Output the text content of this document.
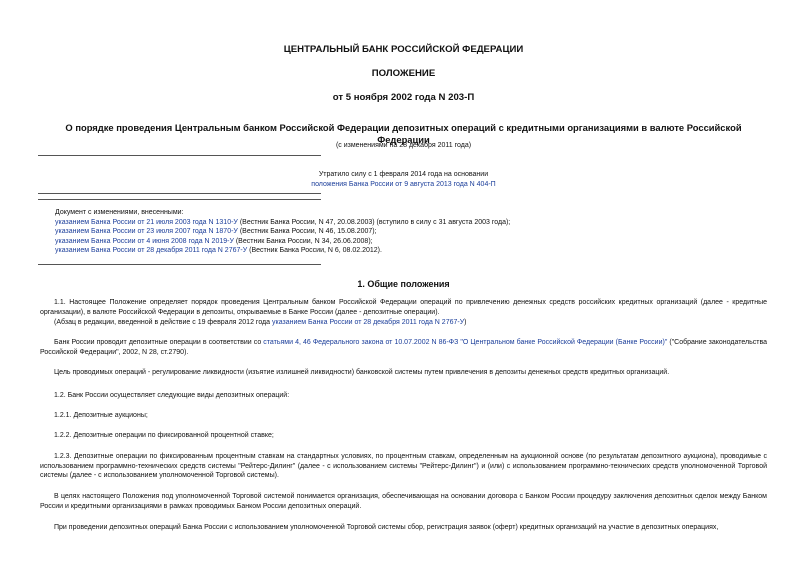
ЦЕНТРАЛЬНЫЙ БАНК РОССИЙСКОЙ ФЕДЕРАЦИИ
ПОЛОЖЕНИЕ
от 5 ноября 2002 года N 203-П
О порядке проведения Центральным банком Российской Федерации депозитных операций с кредитными организациями в валюте Российской Федерации
(с изменениями на 28 декабря 2011 года)
Утратило силу с 1 февраля 2014 года на основании
положения Банка России от 9 августа 2013 года N 404-П
Документ с изменениями, внесенными:
указанием Банка России от 21 июля 2003 года N 1310-У (Вестник Банка России, N 47, 20.08.2003) (вступило в силу с 31 августа 2003 года);
указанием Банка России от 23 июля 2007 года N 1870-У (Вестник Банка России, N 46, 15.08.2007);
указанием Банка России от 4 июня 2008 года N 2019-У (Вестник Банка России, N 34, 26.06.2008);
указанием Банка России от 28 декабря 2011 года N 2767-У (Вестник Банка России, N 6, 08.02.2012).
1. Общие положения
1.1. Настоящее Положение определяет порядок проведения Центральным банком Российской Федерации операций по привлечению денежных средств российских кредитных организаций (далее - кредитные организации), в валюте Российской Федерации в депозиты, открываемые в Банке России (далее - депозитные операции).
(Абзац в редакции, введенной в действие с 19 февраля 2012 года указанием Банка России от 28 декабря 2011 года N 2767-У)
Банк России проводит депозитные операции в соответствии со статьями 4, 46 Федерального закона от 10.07.2002 N 86-ФЗ "О Центральном банке Российской Федерации (Банке России)" ("Собрание законодательства Российской Федерации", 2002, N 28, ст.2790).
Цель проводимых операций - регулирование ликвидности (изъятие излишней ликвидности) банковской системы путем привлечения в депозиты денежных средств кредитных организаций.
1.2. Банк России осуществляет следующие виды депозитных операций:
1.2.1. Депозитные аукционы;
1.2.2. Депозитные операции по фиксированной процентной ставке;
1.2.3. Депозитные операции по фиксированным процентным ставкам на стандартных условиях, по процентным ставкам, определенным на аукционной основе (по результатам депозитного аукциона), проводимые с использованием программно-технических средств системы "Рейтерс-Дилинг" (далее - с использованием системы "Рейтерс-Дилинг") и (или) с использованием программно-технических средств уполномоченной Торговой системы (далее - с использованием уполномоченной Торговой системы).
В целях настоящего Положения под уполномоченной Торговой системой понимается организация, обеспечивающая на основании договора с Банком России процедуру заключения депозитных сделок между Банком России и кредитными организациями в рамках проводимых Банком России депозитных операций.
При проведении депозитных операций Банка России с использованием уполномоченной Торговой системы сбор, регистрация заявок (оферт) кредитных организаций на участие в депозитных операциях,
